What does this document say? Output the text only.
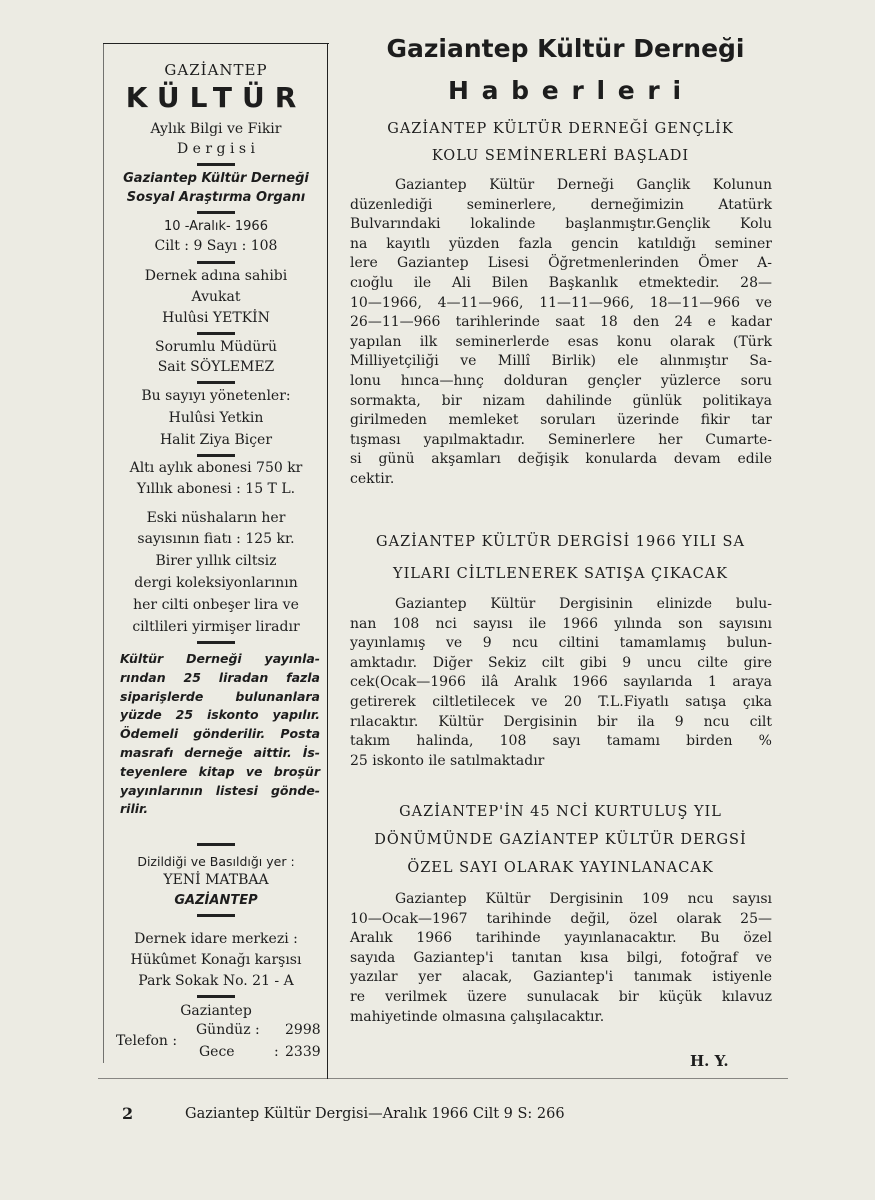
GAZİANTEP
KÜLTÜR
Aylık Bilgi ve Fikir
D e r g i s i
Gaziantep Kültür Derneği
Sosyal Araştırma Organı
10 -Aralık- 1966
Cilt : 9 Sayı : 108
Dernek adına sahibi
Avukat
Hulûsi YETKİN
Sorumlu Müdürü
Sait SÖYLEMEZ
Bu sayıyı yönetenler:
Hulûsi Yetkin
Halit Ziya Biçer
Altı aylık abonesi 750 kr
Yıllık abonesi : 15 T L.
Eski nüshaların her
sayısının fiatı : 125 kr.
Birer yıllık ciltsiz
dergi koleksiyonlarının
her cilti onbeşer lira ve
ciltlileri yirmişer liradır
Kültür Derneği yayınla-
rından 25 liradan fazla
siparişlerde bulunanlara
yüzde 25 iskonto yapılır.
Ödemeli gönderilir. Posta
masrafı derneğe aittir. İs-
teyenlere kitap ve broşür
yayınlarının listesi gönde-
rilir.
Dizildiği ve Basıldığı yer :
YENİ MATBAA
GAZİANTEP
Dernek idare merkezi :
Hükûmet Konağı karşısı
Park Sokak No. 21 - A
Gaziantep
Telefon :
Gündüz : 2998
Gece	: 2339
Gaziantep Kültür Derneği
H a b e r l e r i
GAZİANTEP KÜLTÜR DERNEĞİ GENÇLİK
KOLU SEMİNERLERİ BAŞLADI
Gaziantep Kültür Derneği Gançlik Kolunun
düzenlediği seminerlere, derneğimizin Atatürk
Bulvarındaki lokalinde başlanmıştır.Gençlik Kolu
na kayıtlı yüzden fazla gencin katıldığı seminer
lere Gaziantep Lisesi Öğretmenlerinden Ömer A-
cıoğlu ile Ali Bilen Başkanlık etmektedir. 28—
10—1966, 4—11—966, 11—11—966, 18—11—966 ve
26—11—966 tarihlerinde saat 18 den 24 e kadar
yapılan ilk seminerlerde esas konu olarak (Türk
Milliyetçiliği ve Millî Birlik) ele alınmıştır Sa-
lonu hınca—hınç dolduran gençler yüzlerce soru
sormakta, bir nizam dahilinde günlük politikaya
girilmeden memleket soruları üzerinde fikir tar
tışması yapılmaktadır. Seminerlere her Cumarte-
si günü akşamları değişik konularda devam edile
cektir.
GAZİANTEP KÜLTÜR DERGİSİ 1966 YILI SA
YILARI CİLTLENEREK SATIŞA ÇIKACAK
Gaziantep Kültür Dergisinin elinizde bulu-
nan 108 nci sayısı ile 1966 yılında son sayısını
yayınlamış ve 9 ncu ciltini tamamlamış bulun-
amktadır. Diğer Sekiz cilt gibi 9 uncu cilte gire
cek(Ocak—1966 ilâ Aralık 1966 sayılarıda 1 araya
getirerek ciltletilecek ve 20 T.L.Fiyatlı satışa çıka
rılacaktır. Kültür Dergisinin bir ila 9 ncu cilt
takım halinda, 108 sayı tamamı birden %
25 iskonto ile satılmaktadır
GAZİANTEP'İN 45 NCİ KURTULUŞ YIL
DÖNÜMÜNDE GAZİANTEP KÜLTÜR DERGSİ
ÖZEL SAYI OLARAK YAYINLANACAK
Gaziantep Kültür Dergisinin 109 ncu sayısı
10—Ocak—1967 tarihinde değil, özel olarak 25—
Aralık 1966 tarihinde yayınlanacaktır. Bu özel
sayıda Gaziantep'i tanıtan kısa bilgi, fotoğraf ve
yazılar yer alacak, Gaziantep'i tanımak istiyenle
re verilmek üzere sunulacak bir küçük kılavuz
mahiyetinde olmasına çalışılacaktır.
H. Y.
2	Gaziantep Kültür Dergisi—Aralık 1966 Cilt 9 S: 266
